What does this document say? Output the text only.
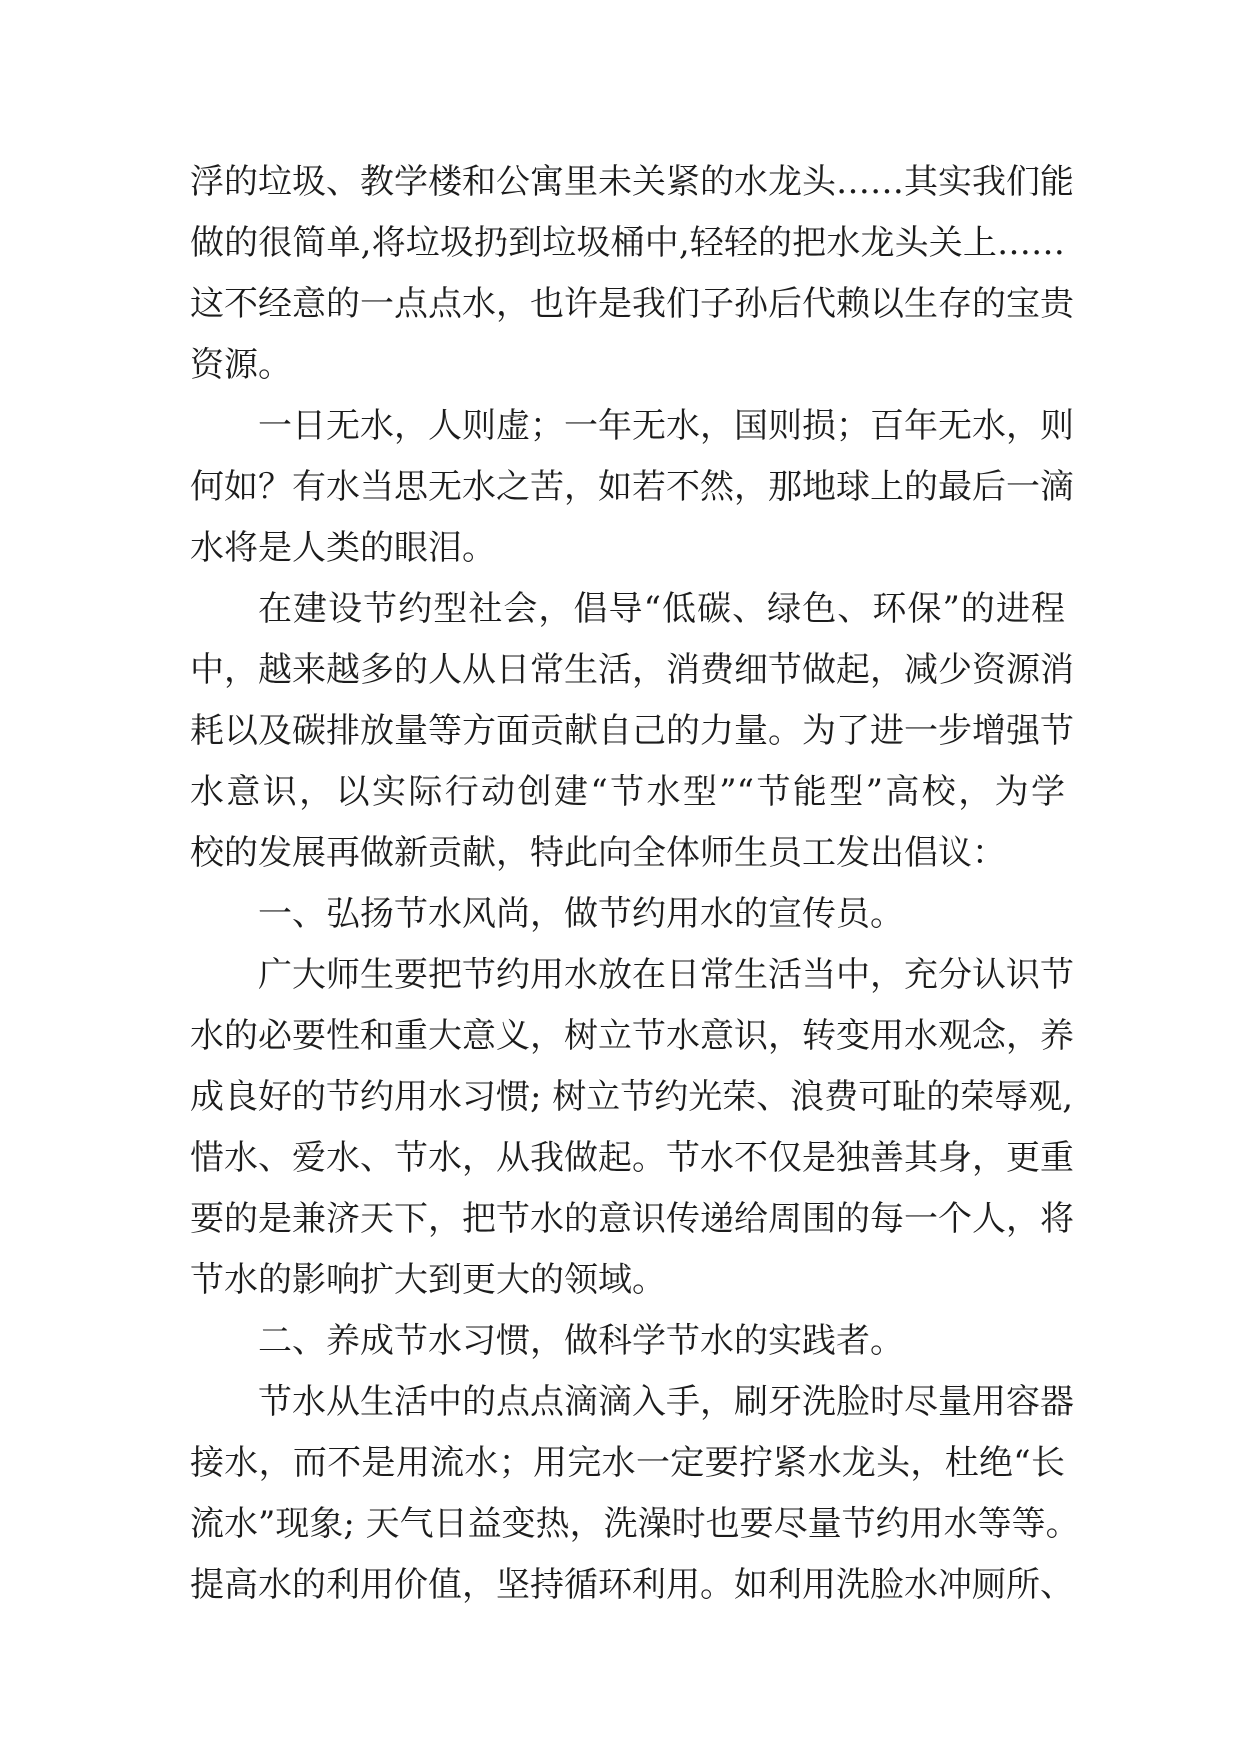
浮的垃圾、教学楼和公寓里未关紧的水龙头……其实我们能
做的很简单,将垃圾扔到垃圾桶中,轻轻的把水龙头关上……
这不经意的一点点水，也许是我们子孙后代赖以生存的宝贵
资源。
一日无水，人则虚；一年无水，国则损；百年无水，则
何如？有水当思无水之苦，如若不然，那地球上的最后一滴
水将是人类的眼泪。
在建设节约型社会，倡导“低碳、绿色、环保”的进程
中，越来越多的人从日常生活，消费细节做起，减少资源消
耗以及碳排放量等方面贡献自己的力量。为了进一步增强节
水意识，以实际行动创建“节水型”“节能型”高校，为学
校的发展再做新贡献，特此向全体师生员工发出倡议：
一、弘扬节水风尚，做节约用水的宣传员。
广大师生要把节约用水放在日常生活当中，充分认识节
水的必要性和重大意义，树立节水意识，转变用水观念，养
成良好的节约用水习惯; 树立节约光荣、浪费可耻的荣辱观,
惜水、爱水、节水，从我做起。节水不仅是独善其身，更重
要的是兼济天下，把节水的意识传递给周围的每一个人，将
节水的影响扩大到更大的领域。
二、养成节水习惯，做科学节水的实践者。
节水从生活中的点点滴滴入手，刷牙洗脸时尽量用容器
接水，而不是用流水；用完水一定要拧紧水龙头，杜绝“长
流水”现象; 天气日益变热，洗澡时也要尽量节约用水等等。
提高水的利用价值，坚持循环利用。如利用洗脸水冲厕所、
